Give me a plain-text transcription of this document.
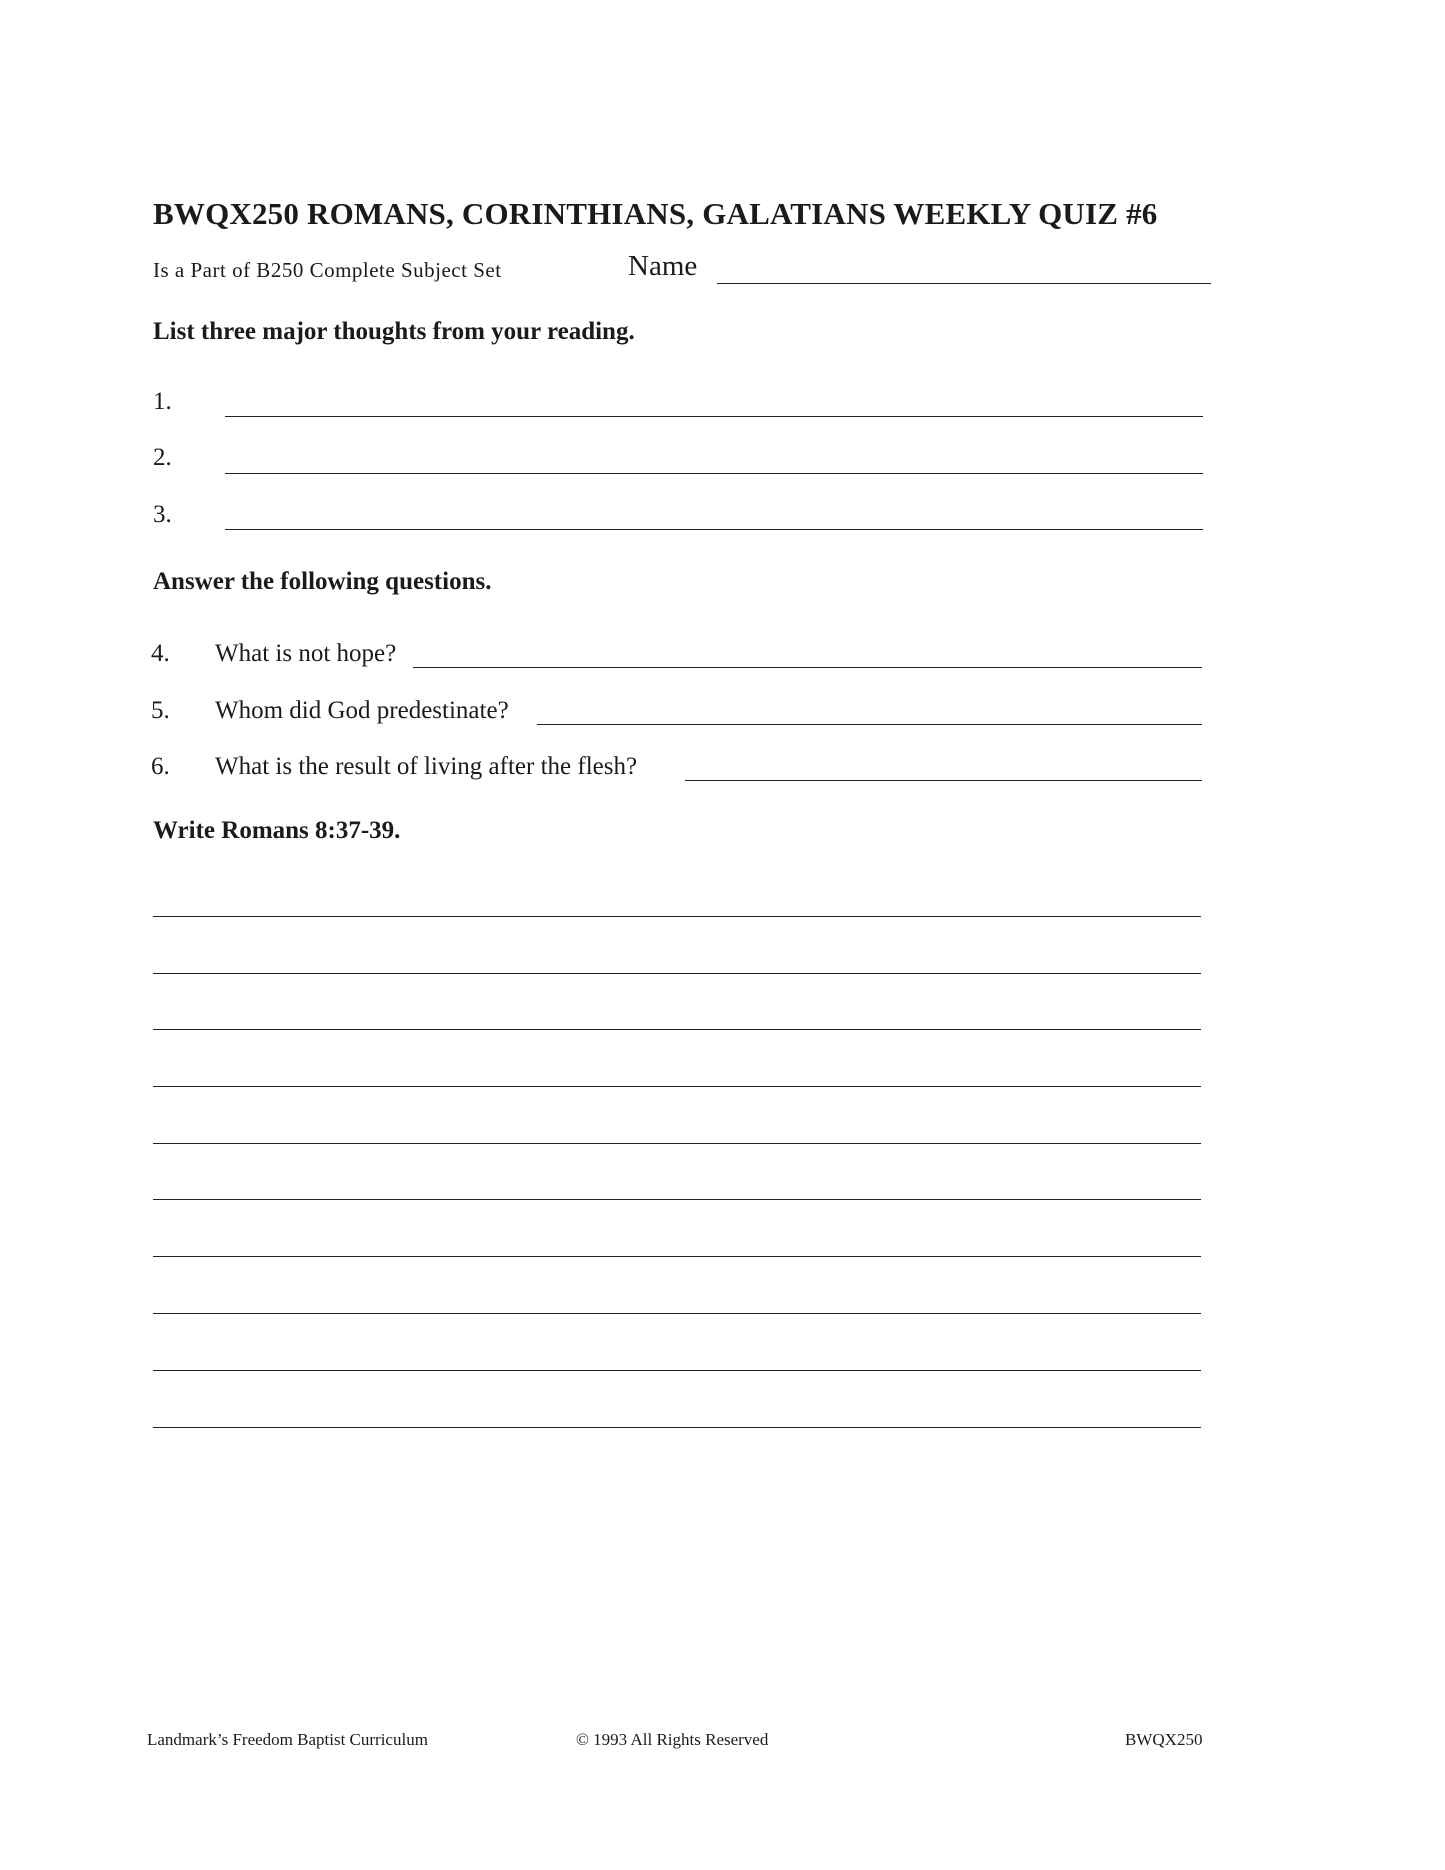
BWQX250 ROMANS, CORINTHIANS, GALATIANS WEEKLY QUIZ #6
Is a Part of B250 Complete Subject Set	Name
List three major thoughts from your reading.
1.
2.
3.
Answer the following questions.
4. What is not hope?
5. Whom did God predestinate?
6. What is the result of living after the flesh?
Write Romans 8:37-39.
Landmark’s Freedom Baptist Curriculum	© 1993 All Rights Reserved	BWQX250
